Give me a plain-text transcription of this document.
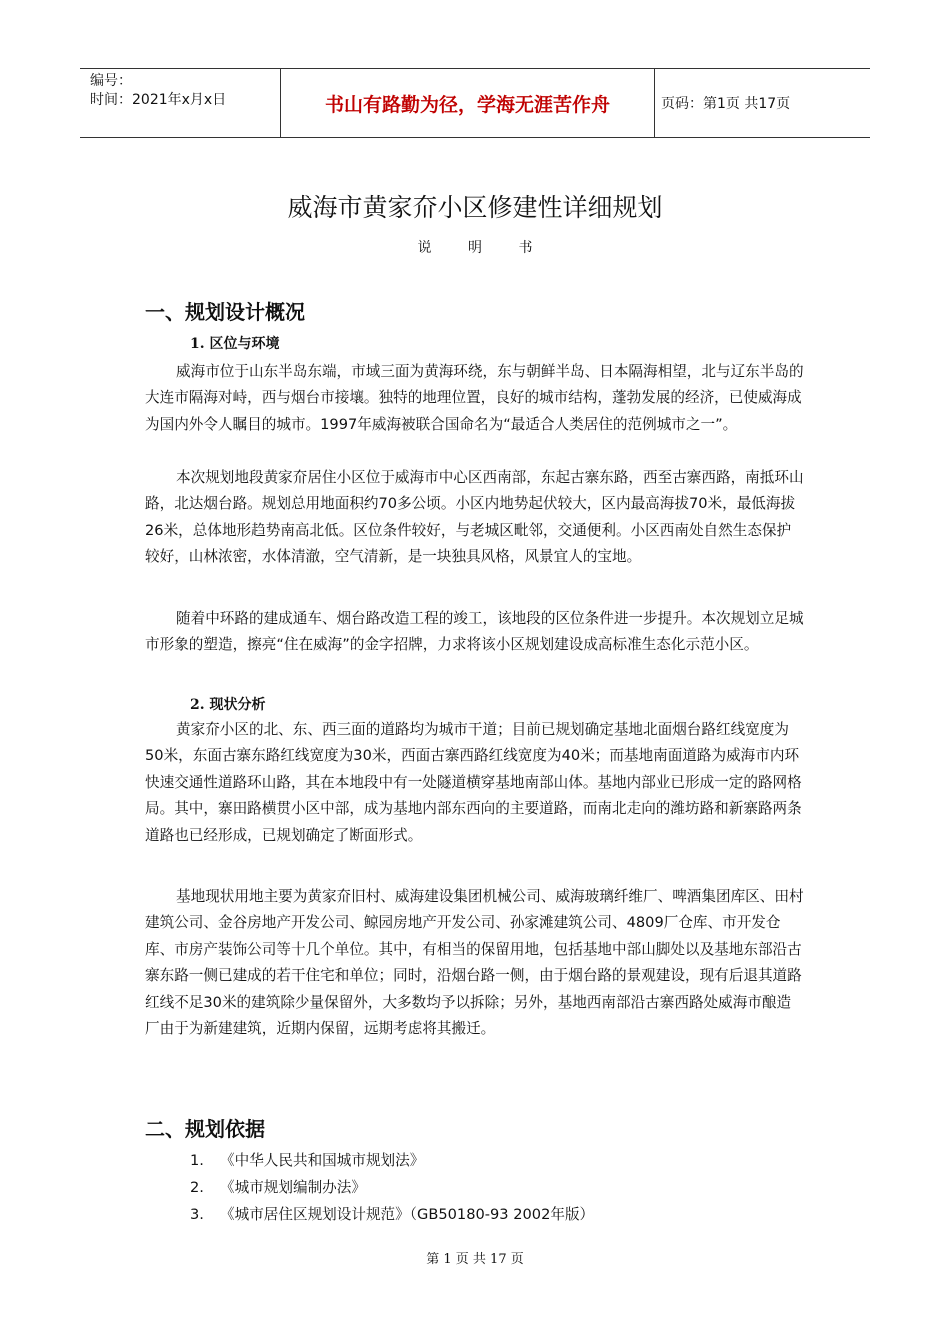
编号：
时间：2021年x月x日	书山有路勤为径，学海无涯苦作舟	页码：第1页 共17页
威海市黄家夼小区修建性详细规划
说 明 书
一、规划设计概况
1. 区位与环境

威海市位于山东半岛东端，市域三面为黄海环绕，东与朝鲜半岛、日本隔海相望，北与辽东半岛的大连市隔海对峙，西与烟台市接壤。独特的地理位置，良好的城市结构，蓬勃发展的经济，已使威海成为国内外令人瞩目的城市。1997年威海被联合国命名为“最适合人类居住的范例城市之一”。

本次规划地段黄家夼居住小区位于威海市中心区西南部，东起古寨东路，西至古寨西路，南抵环山路，北达烟台路。规划总用地面积约70多公顷。小区内地势起伏较大，区内最高海拔70米，最低海拔26米，总体地形趋势南高北低。区位条件较好，与老城区毗邻，交通便利。小区西南处自然生态保护较好，山林浓密，水体清澈，空气清新，是一块独具风格，风景宜人的宝地。

随着中环路的建成通车、烟台路改造工程的竣工，该地段的区位条件进一步提升。本次规划立足城市形象的塑造，擦亮“住在威海”的金字招牌，力求将该小区规划建设成高标准生态化示范小区。

2. 现状分析

黄家夼小区的北、东、西三面的道路均为城市干道；目前已规划确定基地北面烟台路红线宽度为50米，东面古寨东路红线宽度为30米，西面古寨西路红线宽度为40米；而基地南面道路为威海市内环快速交通性道路环山路，其在本地段中有一处隧道横穿基地南部山体。基地内部业已形成一定的路网格局。其中，寨田路横贯小区中部，成为基地内部东西向的主要道路，而南北走向的潍坊路和新寨路两条道路也已经形成，已规划确定了断面形式。

基地现状用地主要为黄家夼旧村、威海建设集团机械公司、威海玻璃纤维厂、啤酒集团库区、田村建筑公司、金谷房地产开发公司、鲸园房地产开发公司、孙家滩建筑公司、4809厂仓库、市开发仓库、市房产装饰公司等十几个单位。其中，有相当的保留用地，包括基地中部山脚处以及基地东部沿古寨东路一侧已建成的若干住宅和单位；同时，沿烟台路一侧，由于烟台路的景观建设，现有后退其道路红线不足30米的建筑除少量保留外，大多数均予以拆除；另外，基地西南部沿古寨西路处威海市酿造厂由于为新建建筑，近期内保留，远期考虑将其搬迁。

二、规划依据
1. 《中华人民共和国城市规划法》
2. 《城市规划编制办法》
3. 《城市居住区规划设计规范》（GB50180-93 2002年版）
第 1 页 共 17 页
